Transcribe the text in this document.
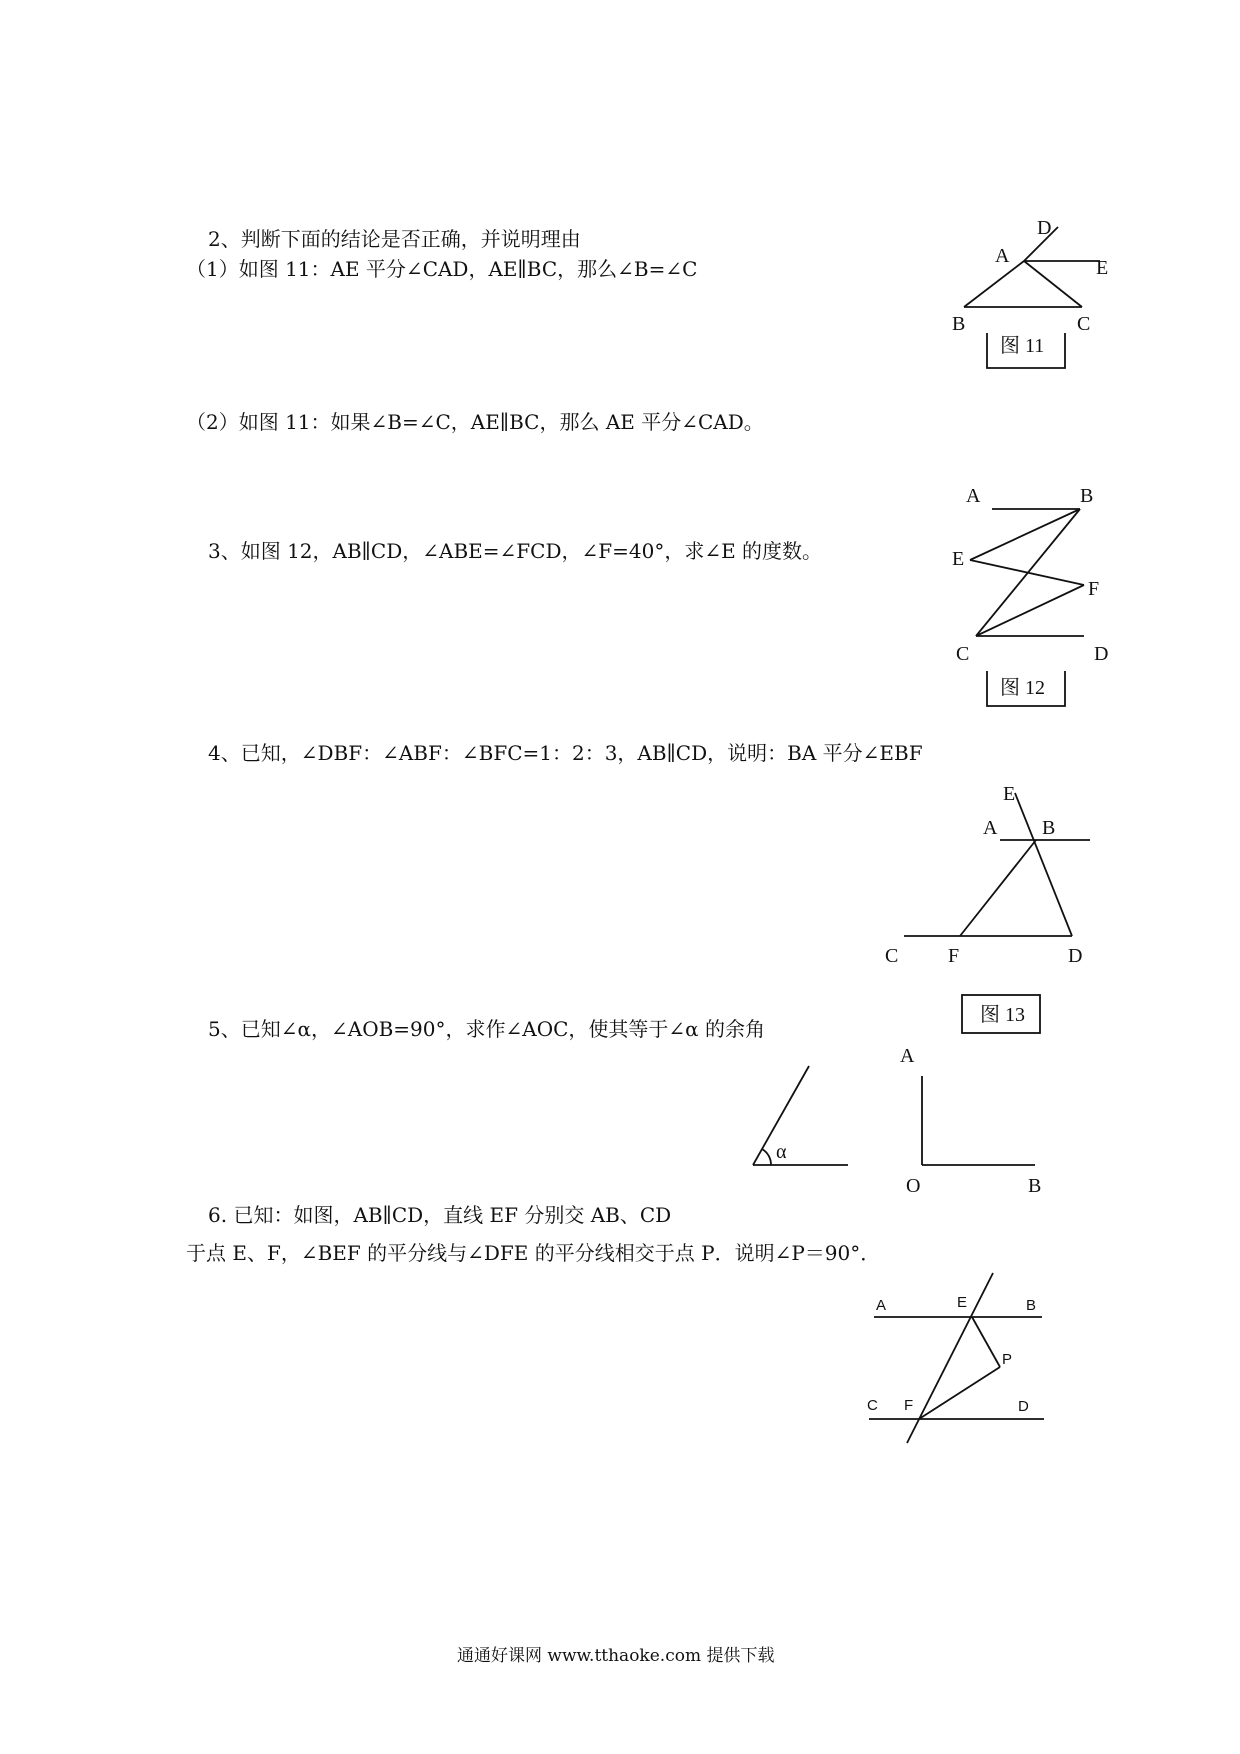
2、判断下面的结论是否正确，并说明理由
（1）如图 11：AE 平分∠CAD，AE∥BC，那么∠B=∠C
（2）如图 11：如果∠B=∠C，AE∥BC，那么 AE 平分∠CAD。
3、如图 12，AB∥CD，∠ABE=∠FCD，∠F=40°，求∠E 的度数。
4、已知，∠DBF：∠ABF：∠BFC=1：2：3，AB∥CD，说明：BA 平分∠EBF
5、已知∠α，∠AOB=90°，求作∠AOC，使其等于∠α 的余角
6. 已知：如图，AB∥CD，直线 EF 分别交 AB、CD
于点 E、F，∠BEF 的平分线与∠DFE 的平分线相交于点 P．说明∠P＝90°．
D
A
E
B	C
图 11
A	B
E
F
C	D
图 12
E
A B
C F	D
图 13
α
A
O	B
A	E	B
P
C F	D
通通好课网 www.tthaoke.com 提供下载
